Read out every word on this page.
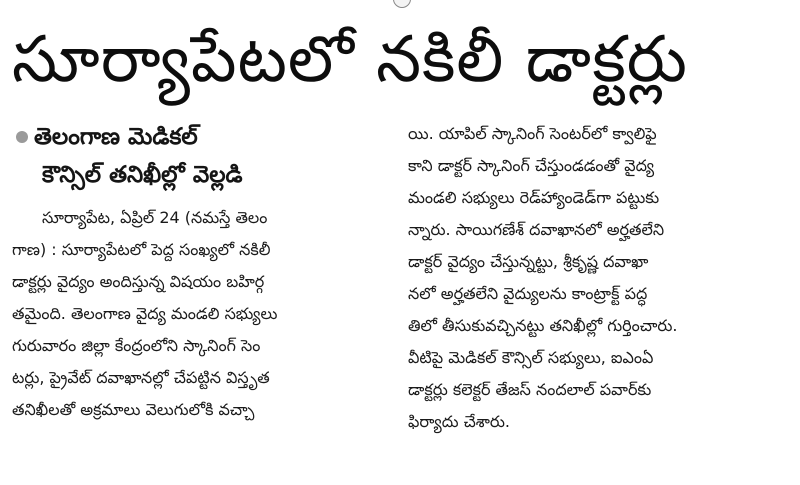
సూర్యాపేటలో నకిలీ డాక్టర్లు
తెలంగాణ మెడికల్
కౌన్సిల్ తనిఖీల్లో వెల్లడి
సూర్యాపేట, ఏప్రిల్ 24 (నమస్తే తెలం
గాణ) : సూర్యాపేటలో పెద్ద సంఖ్యలో నకిలీ
డాక్టర్లు వైద్యం అందిస్తున్న విషయం బహిర్గ
తమైంది. తెలంగాణ వైద్య మండలి సభ్యులు
గురువారం జిల్లా కేంద్రంలోని స్కానింగ్ సెం
టర్లు, ప్రైవేట్ దవాఖానల్లో చేపట్టిన విస్తృత
తనిఖీలతో అక్రమాలు వెలుగులోకి వచ్చా
యి. యాపిల్ స్కానింగ్ సెంటర్‌లో క్వాలిఫై
కాని డాక్టర్ స్కానింగ్ చేస్తుండడంతో వైద్య
మండలి సభ్యులు రెడ్‌హ్యాండెడ్‌గా పట్టుకు
న్నారు. సాయిగణేశ్ దవాఖానలో అర్హతలేని
డాక్టర్ వైద్యం చేస్తున్నట్టు, శ్రీకృష్ణ దవాఖా
నలో అర్హతలేని వైద్యులను కాంట్రాక్ట్ పద్ధ
తిలో తీసుకువచ్చినట్టు తనిఖీల్లో గుర్తించారు.
వీటిపై మెడికల్ కౌన్సిల్ సభ్యులు, ఐఎంఏ
డాక్టర్లు కలెక్టర్ తేజస్ నందలాల్ పవార్‌కు
ఫిర్యాదు చేశారు.
